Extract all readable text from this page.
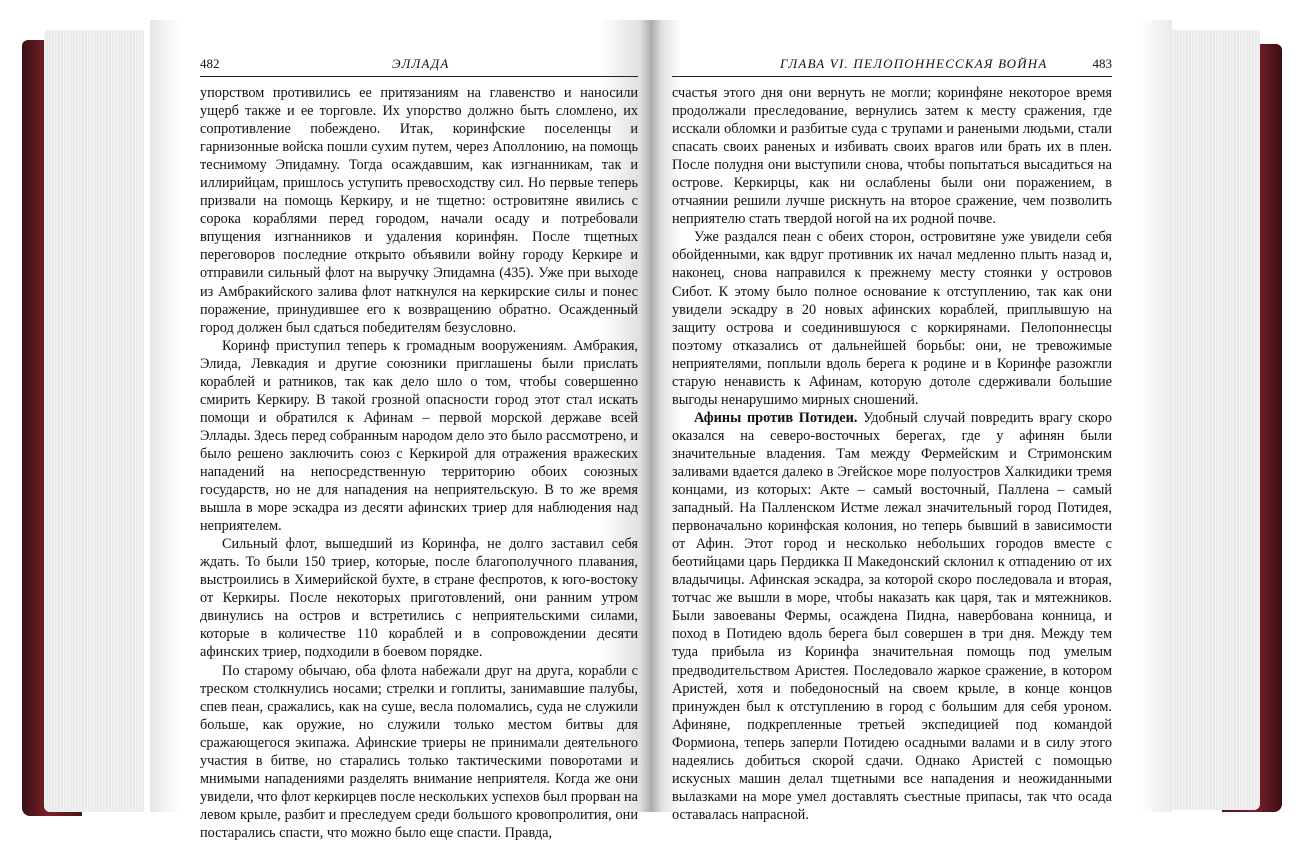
482	ЭЛЛАДА	ГЛАВА VI. ПЕЛОПОННЕССКАЯ ВОЙНА	483

упорством противились ее притязаниям на главенство и наносили ущерб также и ее торговле. Их упорство должно быть сломлено, их сопротивление побеждено. Итак, коринфские поселенцы и гарнизонные войска пошли сухим путем, через Аполлонию, на помощь теснимому Эпидамну. Тогда осаждавшим, как изгнанникам, так и иллирийцам, пришлось уступить превосходству сил. Но первые теперь призвали на помощь Керкиру, и не тщетно: островитяне явились с сорока кораблями перед городом, начали осаду и потребовали впущения изгнанников и удаления коринфян. После тщетных переговоров последние открыто объявили войну городу Керкире и отправили сильный флот на выручку Эпидамна (435). Уже при выходе из Амбракийского залива флот наткнулся на керкирские силы и понес поражение, принудившее его к возвращению обратно. Осажденный город должен был сдаться победителям безусловно.

Коринф приступил теперь к громадным вооружениям. Амбракия, Элида, Левкадия и другие союзники приглашены были прислать кораблей и ратников, так как дело шло о том, чтобы совершенно смирить Керкиру. В такой грозной опасности город этот стал искать помощи и обратился к Афинам – первой морской державе всей Эллады. Здесь перед собранным народом дело это было рассмотрено, и было решено заключить союз с Керкирой для отражения вражеских нападений на непосредственную территорию обоих союзных государств, но не для нападения на неприятельскую. В то же время вышла в море эскадра из десяти афинских триер для наблюдения над неприятелем.

Сильный флот, вышедший из Коринфа, не долго заставил себя ждать. То были 150 триер, которые, после благополучного плавания, выстроились в Химерийской бухте, в стране феспротов, к юго-востоку от Керкиры. После некоторых приготовлений, они ранним утром двинулись на остров и встретились с неприятельскими силами, которые в количестве 110 кораблей и в сопровождении десяти афинских триер, подходили в боевом порядке.

По старому обычаю, оба флота набежали друг на друга, корабли с треском столкнулись носами; стрелки и гоплиты, занимавшие палубы, спев пеан, сражались, как на суше, весла поломались, суда не служили больше, как оружие, но служили только местом битвы для сражающегося экипажа. Афинские триеры не принимали деятельного участия в битве, но старались только тактическими поворотами и мнимыми нападениями разделять внимание неприятеля. Когда же они увидели, что флот керкирцев после нескольких успехов был прорван на левом крыле, разбит и преследуем среди большого кровопролития, они постарались спасти, что можно было еще спасти. Правда,

счастья этого дня они вернуть не могли; коринфяне некоторое время продолжали преследование, вернулись затем к месту сражения, где исскали обломки и разбитые суда с трупами и ранеными людьми, стали спасать своих раненых и избивать своих врагов или брать их в плен. После полудня они выступили снова, чтобы попытаться высадиться на острове. Керкирцы, как ни ослаблены были они поражением, в отчаянии решили лучше рискнуть на второе сражение, чем позволить неприятелю стать твердой ногой на их родной почве.

Уже раздался пеан с обеих сторон, островитяне уже увидели себя обойденными, как вдруг противник их начал медленно плыть назад и, наконец, снова направился к прежнему месту стоянки у островов Сибот. К этому было полное основание к отступлению, так как они увидели эскадру в 20 новых афинских кораблей, приплывшую на защиту острова и соединившуюся с коркирянами. Пелопоннесцы поэтому отказались от дальнейшей борьбы: они, не тревожимые неприятелями, поплыли вдоль берега к родине и в Коринфе разожгли старую ненависть к Афинам, которую дотоле сдерживали большие выгоды ненарушимо мирных сношений.

Афины против Потидеи. Удобный случай повредить врагу скоро оказался на северо-восточных берегах, где у афинян были значительные владения. Там между Фермейским и Стримонским заливами вдается далеко в Эгейское море полуостров Халкидики тремя концами, из которых: Акте – самый восточный, Паллена – самый западный. На Палленском Истме лежал значительный город Потидея, первоначально коринфская колония, но теперь бывший в зависимости от Афин. Этот город и несколько небольших городов вместе с беотийцами царь Пердикка II Македонский склонил к отпадению от их владычицы. Афинская эскадра, за которой скоро последовала и вторая, тотчас же вышли в море, чтобы наказать как царя, так и мятежников. Были завоеваны Фермы, осаждена Пидна, навербована конница, и поход в Потидею вдоль берега был совершен в три дня. Между тем туда прибыла из Коринфа значительная помощь под умелым предводительством Аристея. Последовало жаркое сражение, в котором Аристей, хотя и победоносный на своем крыле, в конце концов принужден был к отступлению в город с большим для себя уроном. Афиняне, подкрепленные третьей экспедицией под командой Формиона, теперь заперли Потидею осадными валами и в силу этого надеялись добиться скорой сдачи. Однако Аристей с помощью искусных машин делал тщетными все нападения и неожиданными вылазками на море умел доставлять съестные припасы, так что осада оставалась напрасной.
